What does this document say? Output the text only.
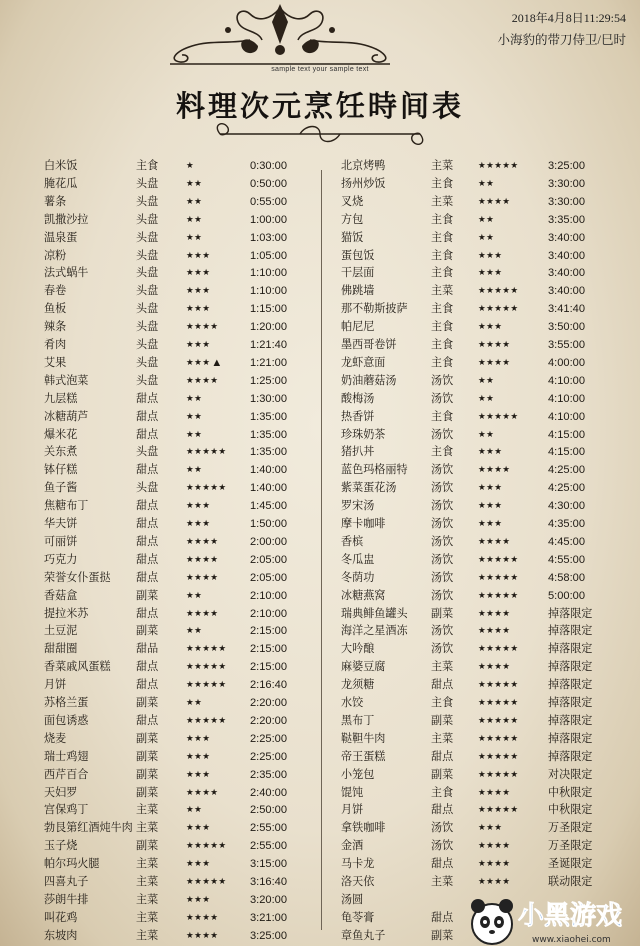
2018年4月8日11:29:54
小海豹的带刀侍卫/巳时
sample text your sample text
料理次元烹饪時间表
白米饭	主食	★	0:30:00
腌花瓜	头盘	★★	0:50:00
薯条	头盘	★★	0:55:00
凯撒沙拉	头盘	★★	1:00:00
温泉蛋	头盘	★★	1:03:00
凉粉	头盘	★★★	1:05:00
法式蜗牛	头盘	★★★	1:10:00
春卷	头盘	★★★	1:10:00
鱼板	头盘	★★★	1:15:00
辣条	头盘	★★★★	1:20:00
肴肉	头盘	★★★	1:21:40
艾果	头盘	★★★ ▲	1:21:00
韩式泡菜	头盘	★★★★	1:25:00
九层糕	甜点	★★	1:30:00
冰糖葫芦	甜点	★★	1:35:00
爆米花	甜点	★★	1:35:00
关东煮	头盘	★★★★★ 1:35:00
钵仔糕	甜点	★★	1:40:00
鱼子酱	头盘	★★★★★ 1:40:00
焦糖布丁	甜点	★★★	1:45:00
华夫饼	甜点	★★★	1:50:00
可丽饼	甜点	★★★★	2:00:00
巧克力	甜点	★★★★	2:05:00
荣誉女仆蛋挞 甜点	★★★★	2:05:00
香菇盒	副菜	★★	2:10:00
提拉米苏	甜点	★★★★	2:10:00
土豆泥	副菜	★★	2:15:00
甜甜圈	甜品	★★★★★ 2:15:00
香菜戚风蛋糕 甜点	★★★★★ 2:15:00
月饼	甜点	★★★★★ 2:16:40
苏格兰蛋	副菜	★★	2:20:00
面包诱惑	甜点	★★★★★ 2:20:00
烧麦	副菜	★★★	2:25:00
瑞士鸡翅	副菜	★★★	2:25:00
西芹百合	副菜	★★★	2:35:00
天妇罗	副菜	★★★★	2:40:00
宫保鸡丁	主菜	★★	2:50:00
勃艮第红酒炖牛肉 主菜	★★★	2:55:00
玉子烧	副菜	★★★★★ 2:55:00
帕尔玛火腿	主菜	★★★	3:15:00
四喜丸子	主菜	★★★★★ 3:16:40
莎朗牛排	主菜	★★★	3:20:00
叫花鸡	主菜	★★★★	3:21:00
东坡肉	主菜	★★★★	3:25:00
北京烤鸭	主菜	★★★★★	3:25:00
扬州炒饭	主食	★★	3:30:00
叉烧	主菜	★★★★	3:30:00
方包	主食	★★	3:35:00
猫饭	主食	★★	3:40:00
蛋包饭	主食	★★★	3:40:00
干层面	主食	★★★	3:40:00
佛跳墙	主菜	★★★★★	3:40:00
那不勒斯披萨 主食	★★★★★	3:41:40
帕尼尼	主食	★★★	3:50:00
墨西哥卷饼	主食	★★★★	3:55:00
龙虾意面	主食	★★★★	4:00:00
奶油蘑菇汤	汤饮	★★	4:10:00
酸梅汤	汤饮	★★	4:10:00
热香饼	主食	★★★★★	4:10:00
珍珠奶茶	汤饮	★★	4:15:00
猪扒丼	主食	★★★	4:15:00
蓝色玛格丽特 汤饮	★★★★	4:25:00
紫菜蛋花汤	汤饮	★★★	4:25:00
罗宋汤	汤饮	★★★	4:30:00
摩卡咖啡	汤饮	★★★	4:35:00
香槟	汤饮	★★★★	4:45:00
冬瓜盅	汤饮	★★★★★	4:55:00
冬荫功	汤饮	★★★★★	4:58:00
冰糖燕窝	汤饮	★★★★★	5:00:00
瑞典鲱鱼罐头 副菜	★★★★	掉落限定
海洋之星酒冻 汤饮	★★★★	掉落限定
大吟酿	汤饮	★★★★★	掉落限定
麻婆豆腐	主菜	★★★★	掉落限定
龙须糖	甜点	★★★★★	掉落限定
水饺	主食	★★★★★	掉落限定
黑布丁	副菜	★★★★★	掉落限定
鞑靼牛肉	主菜	★★★★★	掉落限定
帝王蛋糕	甜点	★★★★★	掉落限定
小笼包	副菜	★★★★★	对决限定
馄饨	主食	★★★★	中秋限定
月饼	甜点	★★★★★	中秋限定
拿铁咖啡	汤饮	★★★	万圣限定
金酒	汤饮	★★★★	万圣限定
马卡龙	甜点	★★★★	圣诞限定
洛天依	主菜	★★★★	联动限定
汤圆
龟苓膏	甜点
章鱼丸子	副菜
小黑游戏
www.xiaohei.com
